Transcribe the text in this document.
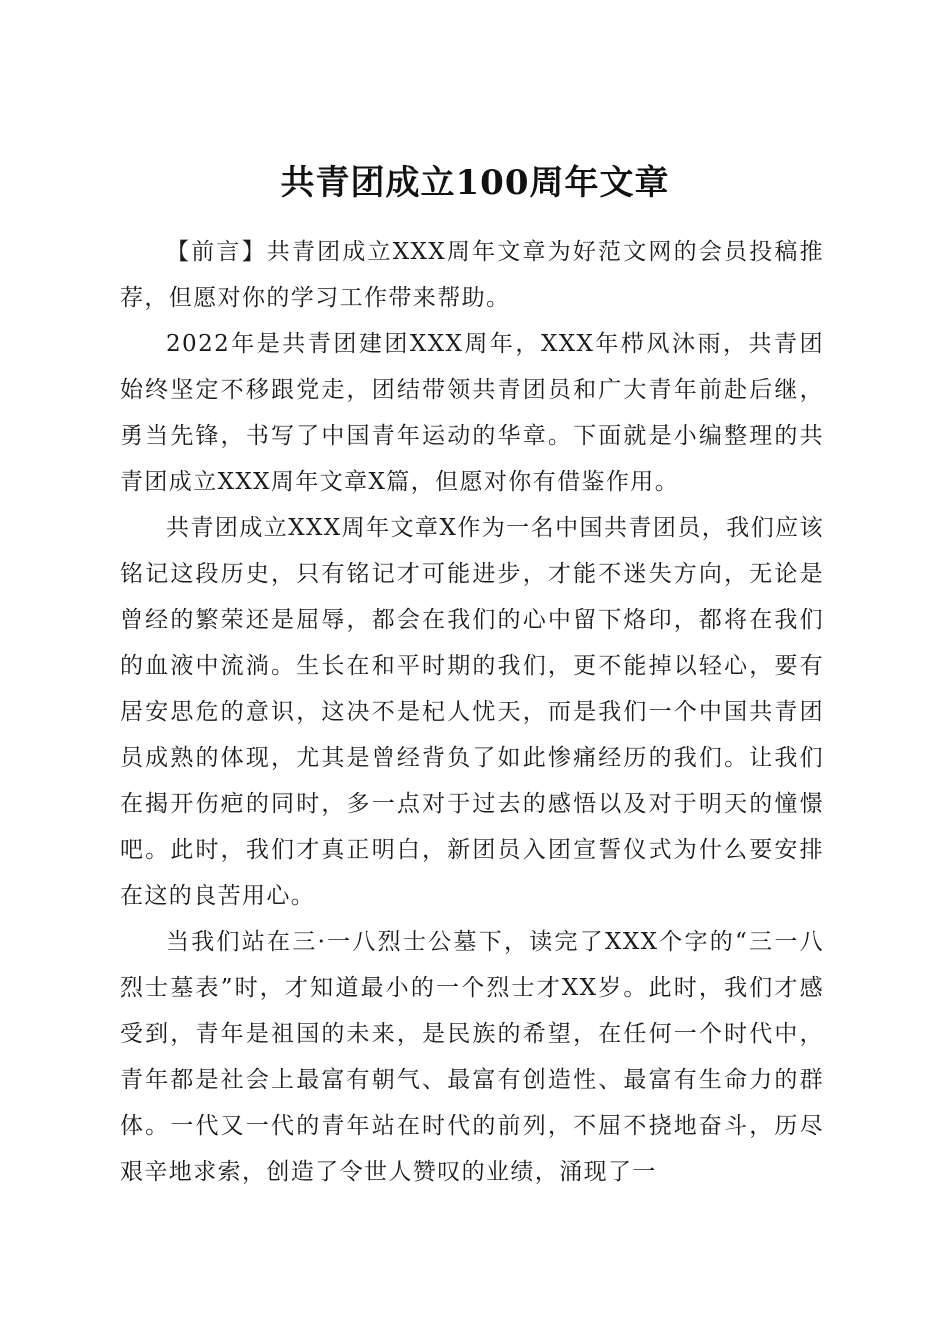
共青团成立100周年文章

【前言】共青团成立XXX周年文章为好范文网的会员投稿推荐，但愿对你的学习工作带来帮助。

2022年是共青团建团XXX周年，XXX年栉风沐雨，共青团始终坚定不移跟党走，团结带领共青团员和广大青年前赴后继，勇当先锋，书写了中国青年运动的华章。下面就是小编整理的共青团成立XXX周年文章X篇，但愿对你有借鉴作用。

共青团成立XXX周年文章X作为一名中国共青团员，我们应该铭记这段历史，只有铭记才可能进步，才能不迷失方向，无论是曾经的繁荣还是屈辱，都会在我们的心中留下烙印，都将在我们的血液中流淌。生长在和平时期的我们，更不能掉以轻心，要有居安思危的意识，这决不是杞人忧天，而是我们一个中国共青团员成熟的体现，尤其是曾经背负了如此惨痛经历的我们。让我们在揭开伤疤的同时，多一点对于过去的感悟以及对于明天的憧憬吧。此时，我们才真正明白，新团员入团宣誓仪式为什么要安排在这的良苦用心。

当我们站在三·一八烈士公墓下，读完了XXX个字的“三一八烈士墓表”时，才知道最小的一个烈士才XX岁。此时，我们才感受到，青年是祖国的未来，是民族的希望，在任何一个时代中，青年都是社会上最富有朝气、最富有创造性、最富有生命力的群体。一代又一代的青年站在时代的前列，不屈不挠地奋斗，历尽艰辛地求索，创造了令世人赞叹的业绩，涌现了一
